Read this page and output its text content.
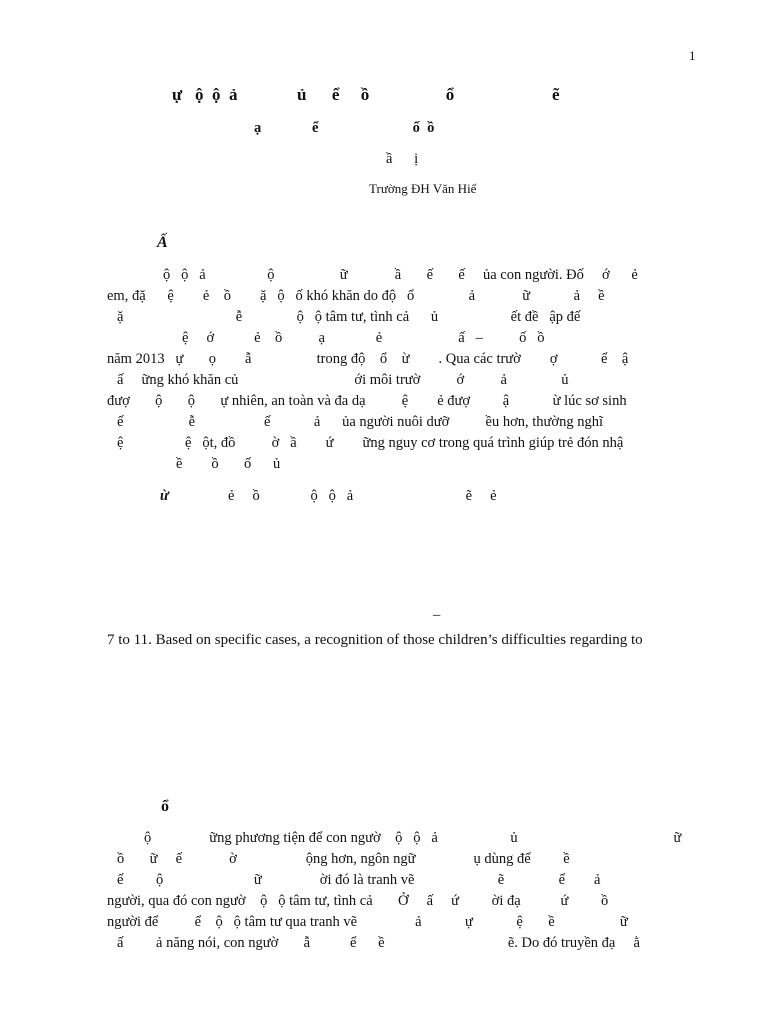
1
ự   ộ  ộ  ả              ủ      ể     ồ                  ổ                       ẽ
ạ              ể                          ố  ồ
ầ      ị
Trường ĐH Văn Hiế
Ấ
ộ   ộ   ả                 ộ                  ữ             ầ       ế       ế     ủa con người. Đố     ớ      ẻ
em, đặ      ệ        ẻ    ồ        ặ   ộ   ố khó khăn do độ   ổ               ả             ữ            ả     ề
ặ                               ễ               ộ   ộ tâm tư, tình cả      ủ                    ết đề   ập đế
ệ     ớ           ẻ    ồ          ạ              ẻ                     ấ   –          ố   ồ
năm 2013   ự       ọ        ẫ                  trong độ    ổ    ừ        . Qua các trườ        ợ            ể    ậ
ấ     ững khó khăn củ                                ới môi trườ          ớ          ả               ủ
đượ       ộ       ộ       ự nhiên, an toàn và đa dạ          ệ        ẻ đượ         ậ            ừ lúc sơ sinh
ế                  ễ                   ế            ả      ủa người nuôi dưỡ          ều hơn, thường nghĩ
ệ                 ệ   ột, đồ          ờ   ầ        ứ        ững nguy cơ trong quá trình giúp trẻ đón nhậ
ề        ồ       ố      ủ
ừ	ẻ     ồ              ộ   ộ   ả                               ẽ     ẻ
–
7 to 11. Based on specific cases, a recognition of those children’s difficulties regarding to
ổ
ộ                ững phương tiện để con ngườ    ộ   ộ   ả                    ủ                                           ữ
ồ       ữ     ế             ờ                   ộng hơn, ngôn ngữ                ụ dùng để         ề
ế         ộ                         ữ                ời đó là tranh vẽ                       ẽ               ể        ả
người, qua đó con ngườ    ộ   ộ tâm tư, tình cả       Ở     ấ     ứ         ời đạ           ứ         ồ
người để          ể    ộ   ộ tâm tư qua tranh vẽ                ả            ự            ệ       ề                  ữ
ấ         ả năng nói, con ngườ       ẫ           ể      ề                                  ẽ. Do đó truyền đạ     ằ
